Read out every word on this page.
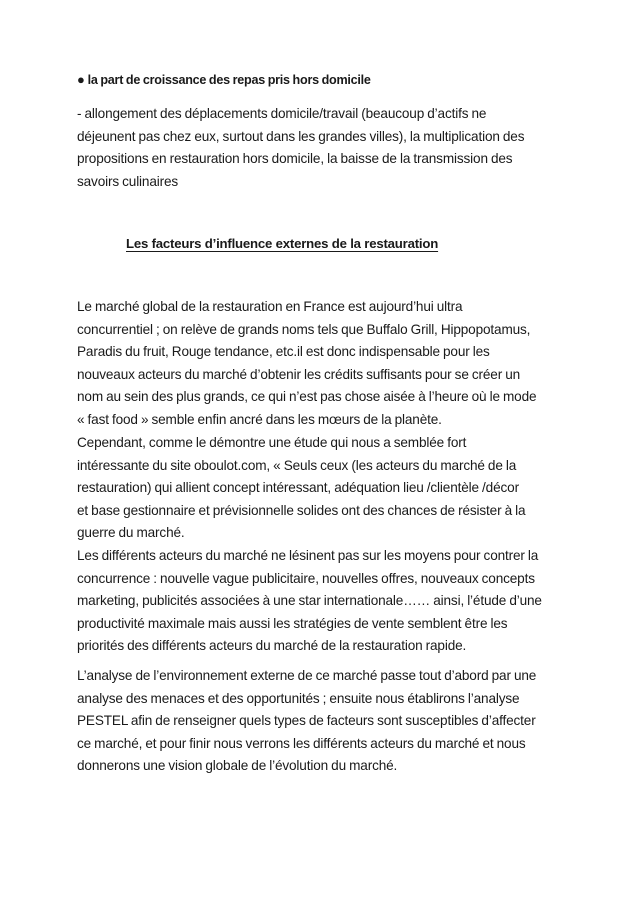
● la part de croissance des repas pris hors domicile

- allongement des déplacements domicile/travail (beaucoup d’actifs ne
déjeunent pas chez eux, surtout dans les grandes villes), la multiplication des
propositions en restauration hors domicile, la baisse de la transmission des
savoirs culinaires

Les facteurs d’influence externes de la restauration

Le marché global de la restauration en France est aujourd’hui ultra
concurrentiel ; on relève de grands noms tels que Buffalo Grill, Hippopotamus,
Paradis du fruit, Rouge tendance, etc.il est donc indispensable pour les
nouveaux acteurs du marché d’obtenir les crédits suffisants pour se créer un
nom au sein des plus grands, ce qui n’est pas chose aisée à l’heure où le mode
« fast food » semble enfin ancré dans les mœurs de la planète.

Cependant, comme le démontre une étude qui nous a semblée fort
intéressante du site oboulot.com, « Seuls ceux (les acteurs du marché de la
restauration) qui allient concept intéressant, adéquation lieu /clientèle /décor
et base gestionnaire et prévisionnelle solides ont des chances de résister à la
guerre du marché.

Les différents acteurs du marché ne lésinent pas sur les moyens pour contrer la
concurrence : nouvelle vague publicitaire, nouvelles offres, nouveaux concepts
marketing, publicités associées à une star internationale…… ainsi, l’étude d’une
productivité maximale mais aussi les stratégies de vente semblent être les
priorités des différents acteurs du marché de la restauration rapide.

L’analyse de l’environnement externe de ce marché passe tout d’abord par une
analyse des menaces et des opportunités ; ensuite nous établirons l’analyse
PESTEL afin de renseigner quels types de facteurs sont susceptibles d’affecter
ce marché, et pour finir nous verrons les différents acteurs du marché et nous
donnerons une vision globale de l’évolution du marché.
